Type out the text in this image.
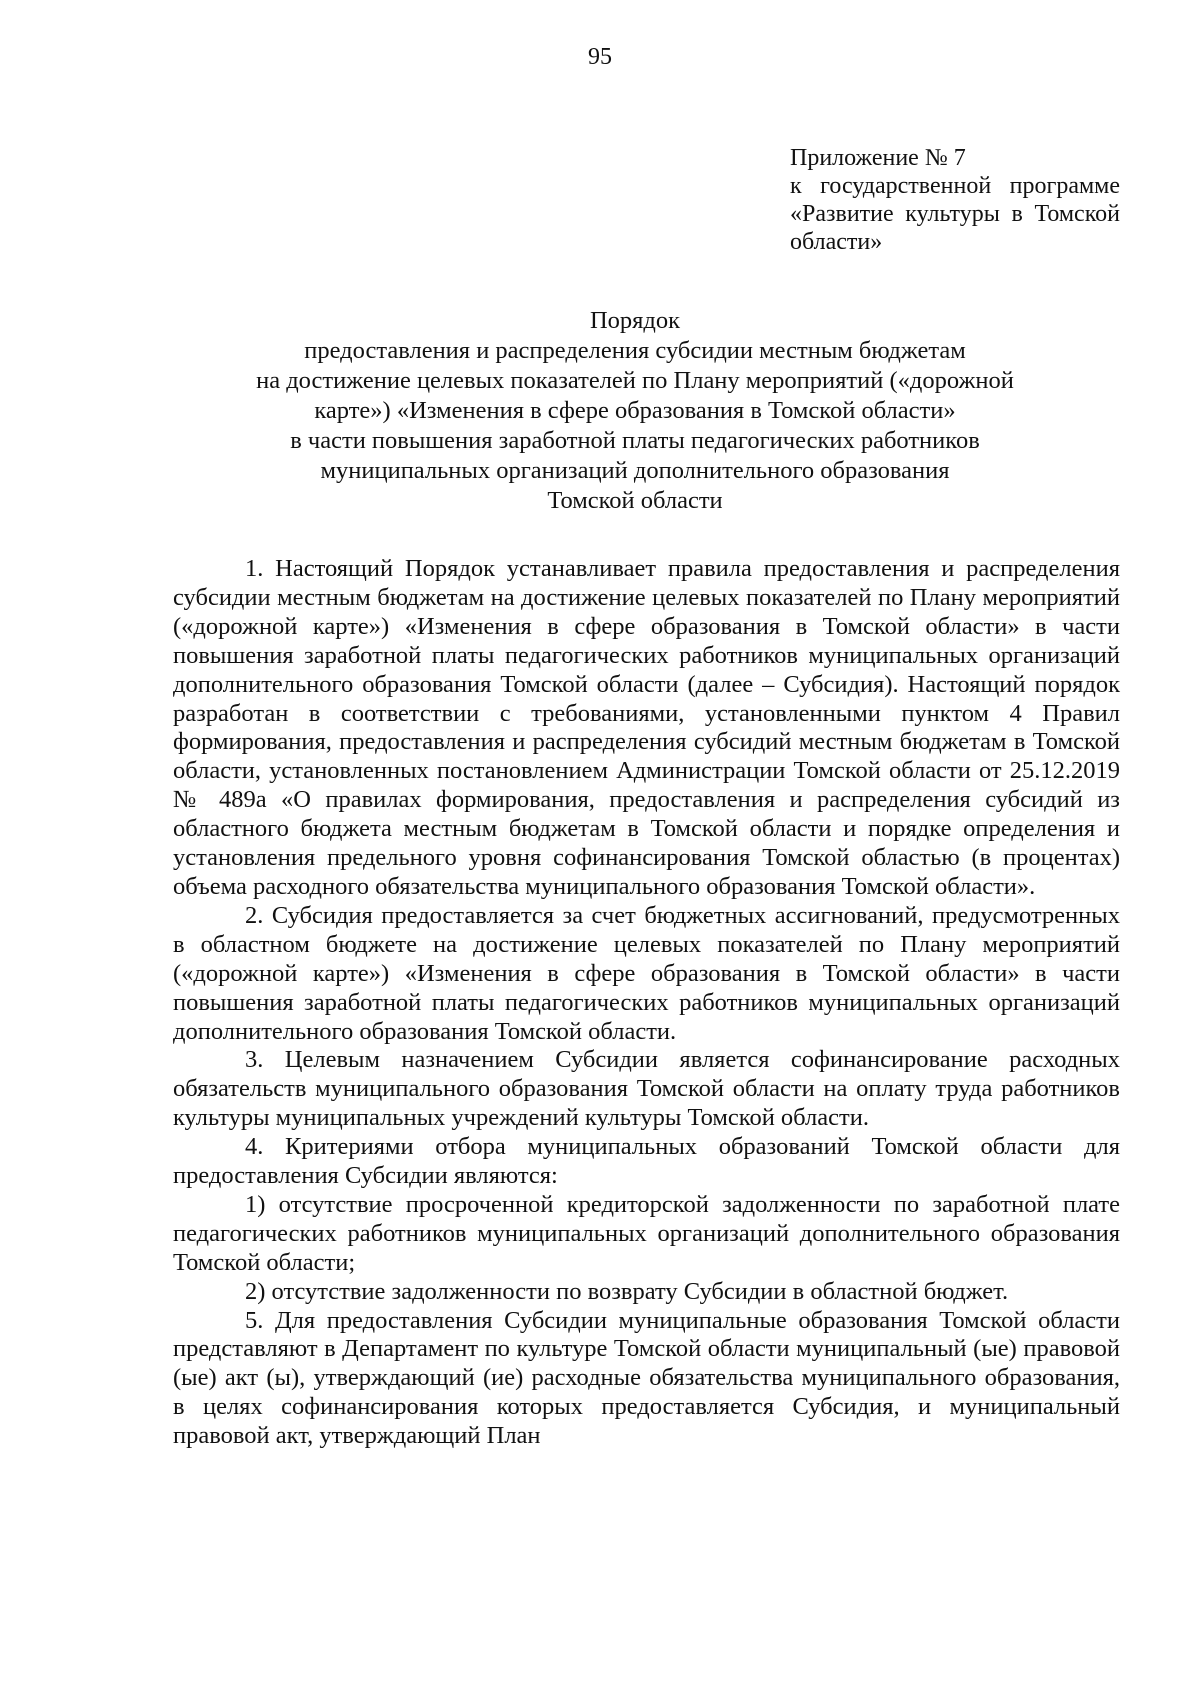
95
Приложение № 7
к государственной программе «Развитие культуры в Томской области»
Порядок
предоставления и распределения субсидии местным бюджетам
на достижение целевых показателей по Плану мероприятий («дорожной
карте») «Изменения в сфере образования в Томской области»
в части повышения заработной платы педагогических работников
муниципальных организаций дополнительного образования
Томской области

1. Настоящий Порядок устанавливает правила предоставления и распределения субсидии местным бюджетам на достижение целевых показателей по Плану мероприятий («дорожной карте») «Изменения в сфере образования в Томской области» в части повышения заработной платы педагогических работников муниципальных организаций дополнительного образования Томской области (далее – Субсидия). Настоящий порядок разработан в соответствии с требованиями, установленными пунктом 4 Правил формирования, предоставления и распределения субсидий местным бюджетам в Томской области, установленных постановлением Администрации Томской области от 25.12.2019 № 489а «О правилах формирования, предоставления и распределения субсидий из областного бюджета местным бюджетам в Томской области и порядке определения и установления предельного уровня софинансирования Томской областью (в процентах) объема расходного обязательства муниципального образования Томской области».

2. Субсидия предоставляется за счет бюджетных ассигнований, предусмотренных в областном бюджете на достижение целевых показателей по Плану мероприятий («дорожной карте») «Изменения в сфере образования в Томской области» в части повышения заработной платы педагогических работников муниципальных организаций дополнительного образования Томской области.

3. Целевым назначением Субсидии является софинансирование расходных обязательств муниципального образования Томской области на оплату труда работников культуры муниципальных учреждений культуры Томской области.

4. Критериями отбора муниципальных образований Томской области для предоставления Субсидии являются:

1) отсутствие просроченной кредиторской задолженности по заработной плате педагогических работников муниципальных организаций дополнительного образования Томской области;

2) отсутствие задолженности по возврату Субсидии в областной бюджет.

5. Для предоставления Субсидии муниципальные образования Томской области представляют в Департамент по культуре Томской области муниципальный (ые) правовой (ые) акт (ы), утверждающий (ие) расходные обязательства муниципального образования, в целях софинансирования которых предоставляется Субсидия, и муниципальный правовой акт, утверждающий План
